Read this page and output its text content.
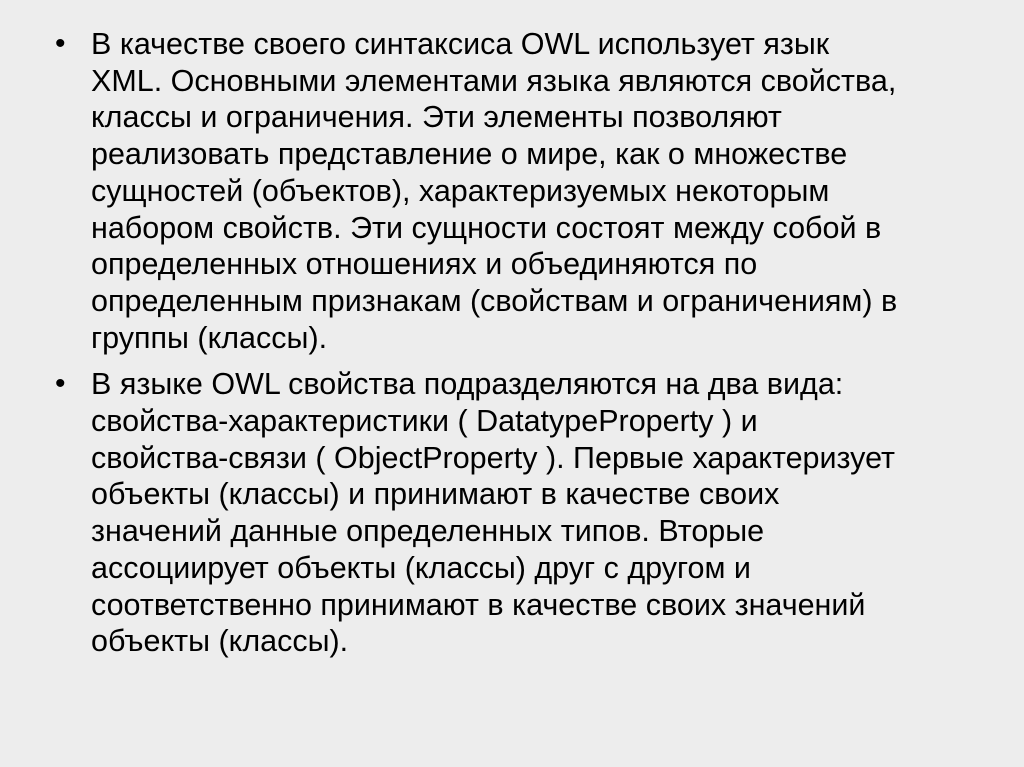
• В качестве своего синтаксиса OWL использует язык
XML. Основными элементами языка являются свойства,
классы и ограничения. Эти элементы позволяют
реализовать представление о мире, как о множестве
сущностей (объектов), характеризуемых некоторым
набором свойств. Эти сущности состоят между собой в
определенных отношениях и объединяются по
определенным признакам (свойствам и ограничениям) в
группы (классы).
• В языке OWL свойства подразделяются на два вида:
свойства-характеристики ( DatatypeProperty ) и
свойства-связи ( ObjectProperty ). Первые характеризует
объекты (классы) и принимают в качестве своих
значений данные определенных типов. Вторые
ассоциирует объекты (классы) друг с другом и
соответственно принимают в качестве своих значений
объекты (классы).
